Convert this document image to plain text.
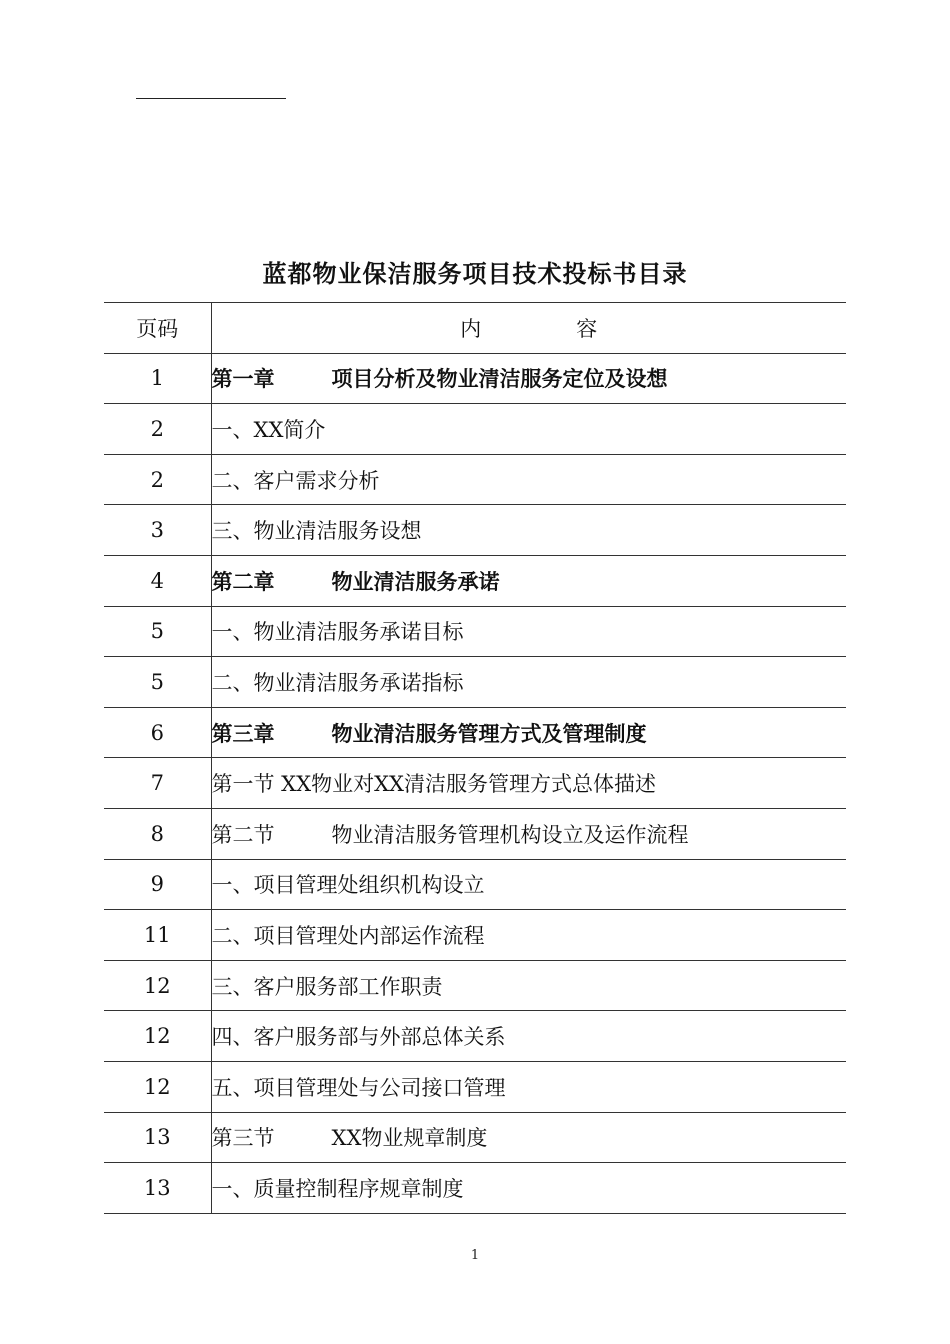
蓝都物业保洁服务项目技术投标书目录
页码	内 容
1	第一章 项目分析及物业清洁服务定位及设想
2	一、XX简介
2	二、客户需求分析
3	三、物业清洁服务设想
4	第二章 物业清洁服务承诺
5	一、物业清洁服务承诺目标
5	二、物业清洁服务承诺指标
6	第三章 物业清洁服务管理方式及管理制度
7	第一节 XX物业对XX清洁服务管理方式总体描述
8	第二节 物业清洁服务管理机构设立及运作流程
9	一、项目管理处组织机构设立
11	二、项目管理处内部运作流程
12	三、客户服务部工作职责
12	四、客户服务部与外部总体关系
12	五、项目管理处与公司接口管理
13	第三节 XX物业规章制度
13	一、质量控制程序规章制度
1
